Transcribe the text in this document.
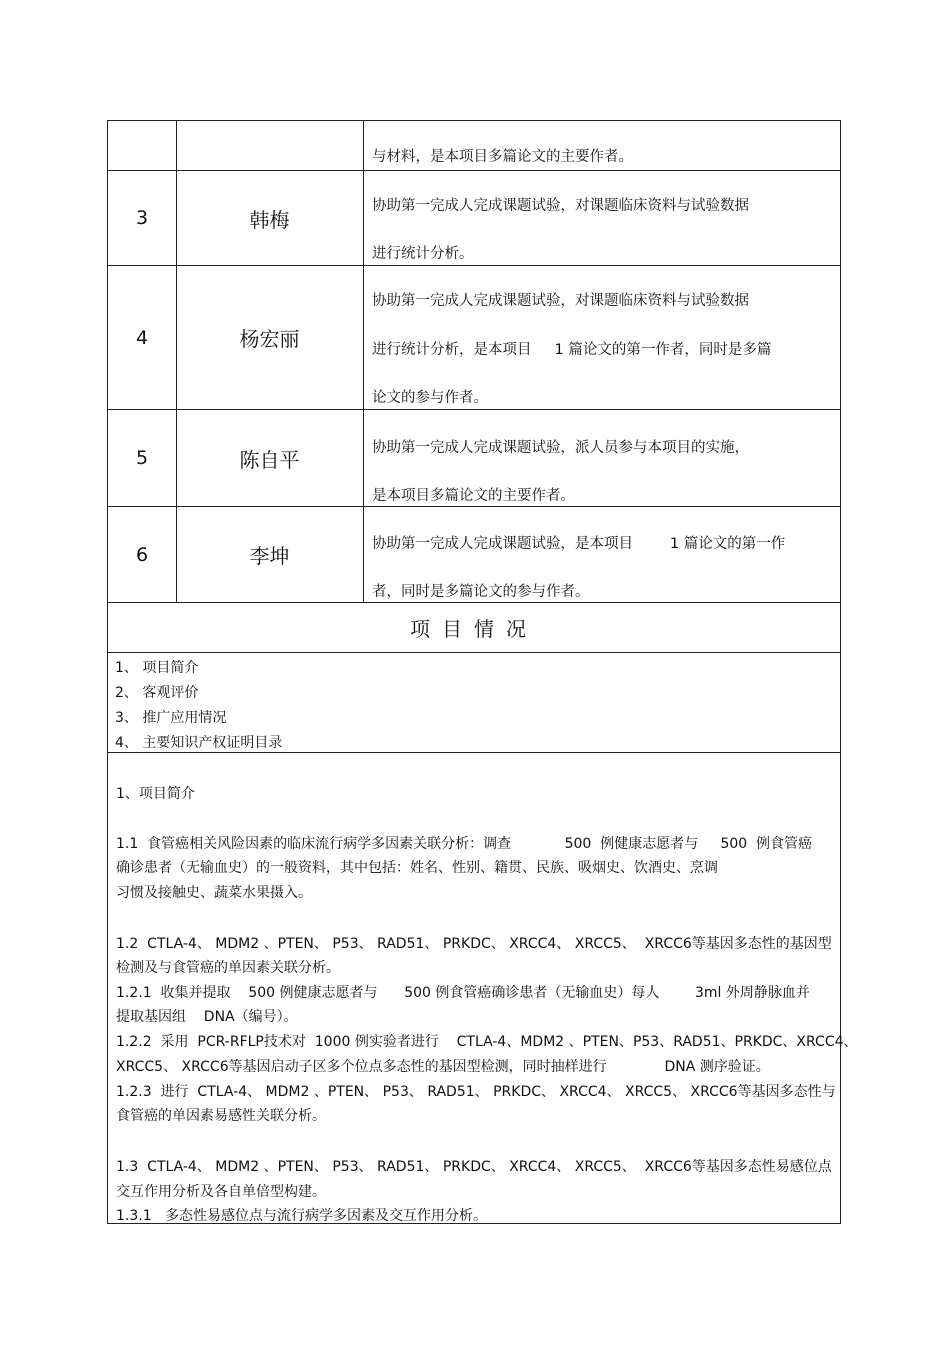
与材料，是本项目多篇论文的主要作者。
3	韩梅
协助第一完成人完成课题试验，对课题临床资料与试验数据
进行统计分析。
4	杨宏丽
协助第一完成人完成课题试验，对课题临床资料与试验数据
进行统计分析，是本项目     1 篇论文的第一作者，同时是多篇
论文的参与作者。
5	陈自平	协助第一完成人完成课题试验，派人员参与本项目的实施，
是本项目多篇论文的主要作者。
6	李坤	协助第一完成人完成课题试验，是本项目        1 篇论文的第一作
者，同时是多篇论文的参与作者。
项目情况
1、 项目简介
2、 客观评价
3、 推广应用情况
4、 主要知识产权证明目录
1、项目简介
1.1  食管癌相关风险因素的临床流行病学多因素关联分析：调查            500  例健康志愿者与     500  例食管癌
确诊患者（无输血史）的一般资料，其中包括：姓名、性别、籍贯、民族、吸烟史、饮酒史、烹调
习惯及接触史、蔬菜水果摄入。
1.2  CTLA-4、 MDM2 、PTEN、 P53、 RAD51、 PRKDC、 XRCC4、 XRCC5、  XRCC6等基因多态性的基因型
检测及与食管癌的单因素关联分析。
1.2.1  收集并提取    500 例健康志愿者与      500 例食管癌确诊患者（无输血史）每人        3ml 外周静脉血并
提取基因组    DNA（编号）。
1.2.2  采用  PCR-RFLP技术对  1000 例实验者进行    CTLA-4、MDM2 、PTEN、P53、RAD51、PRKDC、XRCC4、
XRCC5、 XRCC6等基因启动子区多个位点多态性的基因型检测，同时抽样进行             DNA 测序验证。
1.2.3  进行  CTLA-4、 MDM2 、PTEN、 P53、 RAD51、 PRKDC、 XRCC4、 XRCC5、 XRCC6等基因多态性与
食管癌的单因素易感性关联分析。
1.3  CTLA-4、 MDM2 、PTEN、 P53、 RAD51、 PRKDC、 XRCC4、 XRCC5、  XRCC6等基因多态性易感位点
交互作用分析及各自单倍型构建。
1.3.1   多态性易感位点与流行病学多因素及交互作用分析。
